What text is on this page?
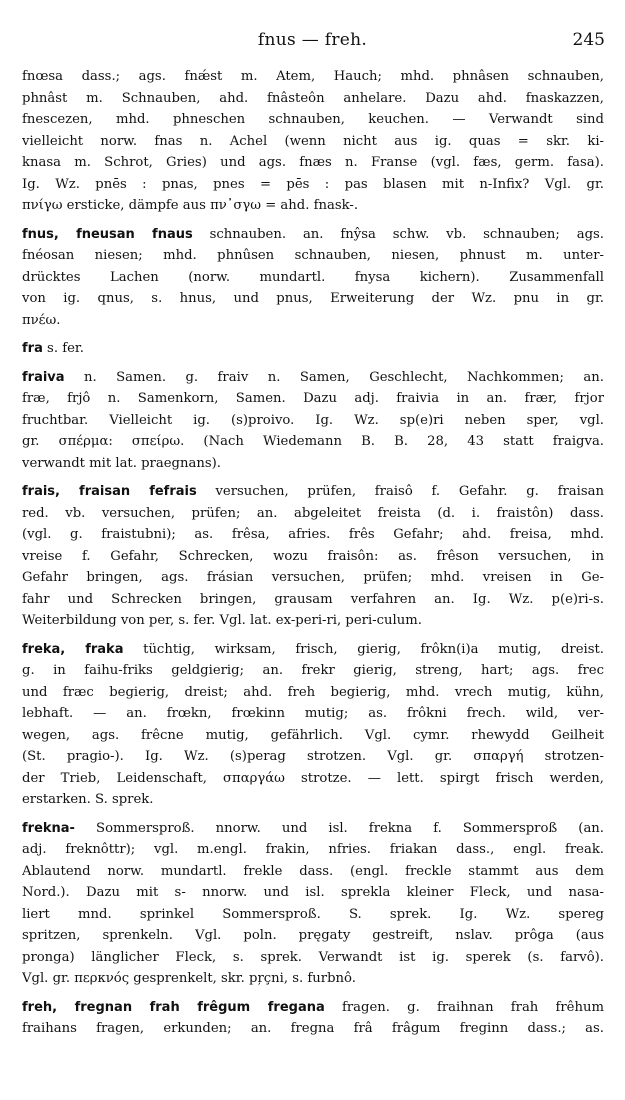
fnus — freh.	245
fnœsa dass.; ags. fnǽst m. Atem, Hauch; mhd. phnâsen schnauben,
phnâst m. Schnauben, ahd. fnâsteôn anhelare. Dazu ahd. fnaskazzen,
fnescezen, mhd. phneschen schnauben, keuchen. — Verwandt sind
vielleicht norw. fnas n. Achel (wenn nicht aus ig. quas = skr. ki-
knasa m. Schrot, Gries) und ags. fnæs n. Franse (vgl. fæs, germ. fasa).
Ig. Wz. pnēs : pnas, pnes = pēs : pas blasen mit n-Infix? Vgl. gr.
πνίγω ersticke, dämpfe aus πν᾽σγω = ahd. fnask-.
fnus, fneusan fnaus schnauben. an. fnŷsa schw. vb. schnauben; ags.
fnéosan niesen; mhd. phnûsen schnauben, niesen, phnust m. unter-
drücktes Lachen (norw. mundartl. fnysa kichern). Zusammenfall
von ig. qnus, s. hnus, und pnus, Erweiterung der Wz. pnu in gr.
πνέω.
fra s. fer.
fraiva n. Samen. g. fraiv n. Samen, Geschlecht, Nachkommen; an.
fræ, frjô n. Samenkorn, Samen. Dazu adj. fraivia in an. frær, frjor
fruchtbar. Vielleicht ig. (s)proivo. Ig. Wz. sp(e)ri neben sper, vgl.
gr. σπέρμα: σπείρω. (Nach Wiedemann B. B. 28, 43 statt fraigva.
verwandt mit lat. praegnans).
frais, fraisan fefrais versuchen, prüfen, fraisô f. Gefahr. g. fraisan
red. vb. versuchen, prüfen; an. abgeleitet freista (d. i. fraistôn) dass.
(vgl. g. fraistubni); as. frêsa, afries. frês Gefahr; ahd. freisa, mhd.
vreise f. Gefahr, Schrecken, wozu fraisôn: as. frêson versuchen, in
Gefahr bringen, ags. frásian versuchen, prüfen; mhd. vreisen in Ge-
fahr und Schrecken bringen, grausam verfahren an. Ig. Wz. p(e)ri-s.
Weiterbildung von per, s. fer. Vgl. lat. ex-peri-ri, peri-culum.
freka, fraka tüchtig, wirksam, frisch, gierig, frôkn(i)a mutig, dreist.
g. in faihu-friks geldgierig; an. frekr gierig, streng, hart; ags. frec
und fræc begierig, dreist; ahd. freh begierig, mhd. vrech mutig, kühn,
lebhaft. — an. frœkn, frœkinn mutig; as. frôkni frech. wild, ver-
wegen, ags. frêcne mutig, gefährlich. Vgl. cymr. rhewydd Geilheit
(St. pragio-). Ig. Wz. (s)perag strotzen. Vgl. gr. σπαργή strotzen-
der Trieb, Leidenschaft, σπαργάω strotze. — lett. spirgt frisch werden,
erstarken. S. sprek.
frekna- Sommersproß. nnorw. und isl. frekna f. Sommersproß (an.
adj. freknôttr); vgl. m.engl. frakin, nfries. friakan dass., engl. freak.
Ablautend norw. mundartl. frekle dass. (engl. freckle stammt aus dem
Nord.). Dazu mit s- nnorw. und isl. sprekla kleiner Fleck, und nasa-
liert mnd. sprinkel Sommersproß. S. sprek. Ig. Wz. spereg
spritzen, sprenkeln. Vgl. poln. pręgaty gestreift, nslav. prôga (aus
pronga) länglicher Fleck, s. sprek. Verwandt ist ig. sperek (s. farvô).
Vgl. gr. περκνός gesprenkelt, skr. pŗçni, s. furbnô.
freh, fregnan frah frêgum fregana fragen. g. fraihnan frah frêhum
fraihans fragen, erkunden; an. fregna frâ frâgum freginn dass.; as.
